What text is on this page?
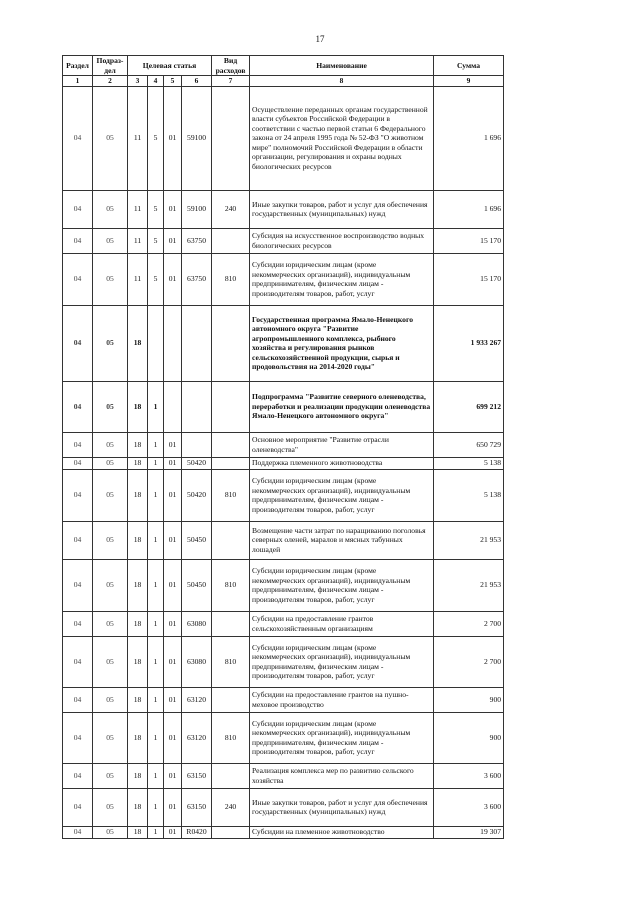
17
Раздел	Подраз-
дел	Целевая статья				Вид
расходов	Наименование	Сумма
1	2	3	4	5	6	7	8	9
04	05	11	5	01	59100		Осуществление переданных органам государственной власти субъектов Российской Федерации в соответствии с частью первой статьи 6 Федерального закона от 24 апреля 1995 года № 52-ФЗ "О животном мире" полномочий Российской Федерации в области организации, регулирования и охраны водных биологических ресурсов	1 696
04	05	11	5	01	59100	240	Иные закупки товаров, работ и услуг для обеспечения государственных (муниципальных) нужд	1 696
04	05	11	5	01	63750		Субсидия на искусственное воспроизводство водных биологических ресурсов	15 170
04	05	11	5	01	63750	810	Субсидии юридическим лицам (кроме некоммерческих организаций), индивидуальным предпринимателям, физическим лицам - производителям товаров, работ, услуг	15 170
04	05	18					Государственная программа Ямало-Ненецкого автономного округа "Развитие агропромышленного комплекса, рыбного хозяйства и регулирования рынков сельскохозяйственной продукции, сырья и продовольствия на 2014-2020 годы"	1 933 267
04	05	18	1				Подпрограмма "Развитие северного оленеводства, переработки и реализации продукции оленеводства Ямало-Ненецкого автономного округа"	699 212
04	05	18	1	01			Основное мероприятие "Развитие отрасли оленеводства"	650 729
04	05	18	1	01	50420		Поддержка племенного животноводства	5 138
04	05	18	1	01	50420	810	Субсидии юридическим лицам (кроме некоммерческих организаций), индивидуальным предпринимателям, физическим лицам - производителям товаров, работ, услуг	5 138
04	05	18	1	01	50450		Возмещение части затрат по наращиванию поголовья северных оленей, маралов и мясных табунных лошадей	21 953
04	05	18	1	01	50450	810	Субсидии юридическим лицам (кроме некоммерческих организаций), индивидуальным предпринимателям, физическим лицам - производителям товаров, работ, услуг	21 953
04	05	18	1	01	63080		Субсидии на предоставление грантов сельскохозяйственным организациям	2 700
04	05	18	1	01	63080	810	Субсидии юридическим лицам (кроме некоммерческих организаций), индивидуальным предпринимателям, физическим лицам - производителям товаров, работ, услуг	2 700
04	05	18	1	01	63120		Субсидии на предоставление грантов на пушно-меховое производство	900
04	05	18	1	01	63120	810	Субсидии юридическим лицам (кроме некоммерческих организаций), индивидуальным предпринимателям, физическим лицам - производителям товаров, работ, услуг	900
04	05	18	1	01	63150		Реализация комплекса мер по развитию сельского хозяйства	3 600
04	05	18	1	01	63150	240	Иные закупки товаров, работ и услуг для обеспечения государственных (муниципальных) нужд	3 600
04	05	18	1	01	R0420		Субсидии на племенное животноводство	19 307
